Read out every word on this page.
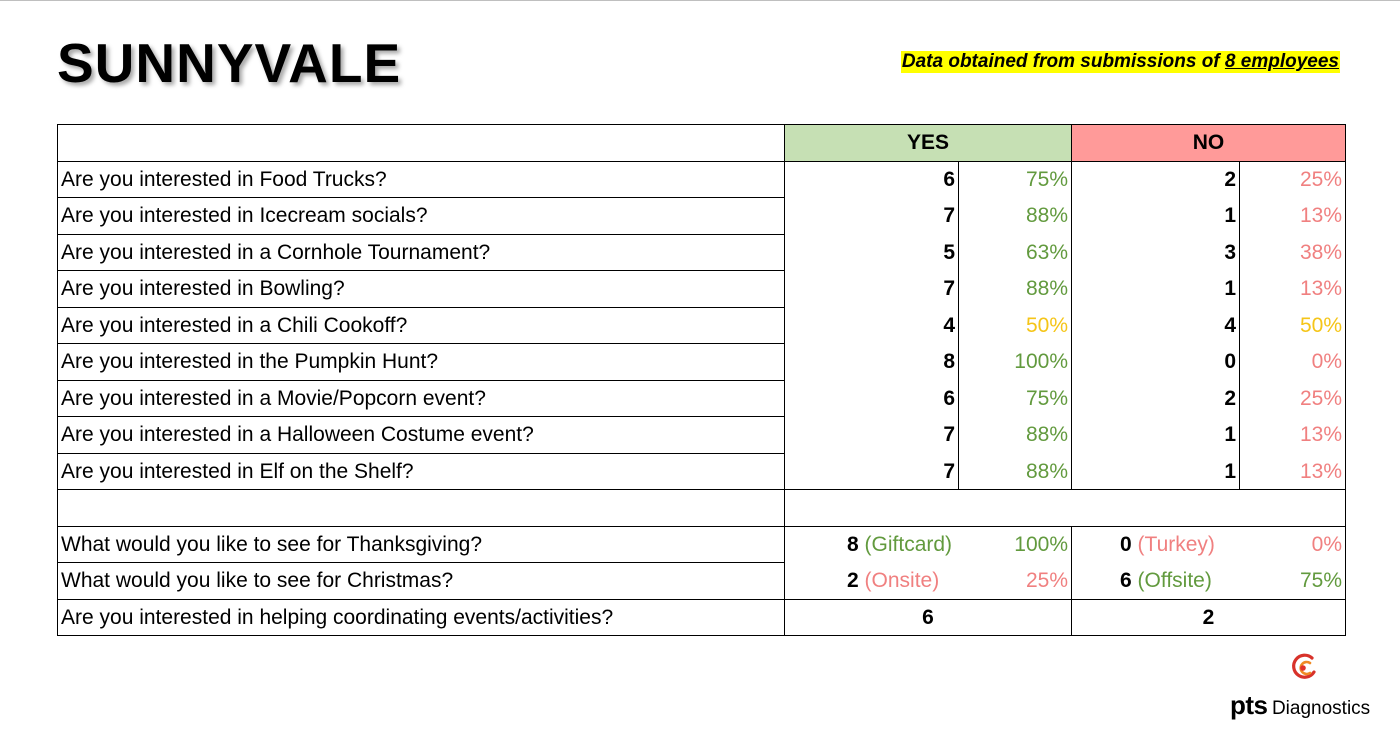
SUNNYVALE	Data obtained from submissions of 8 employees
	YES		NO	
Are you interested in Food Trucks?	6	75%	2	25%
Are you interested in Icecream socials?	7	88%	1	13%
Are you interested in a Cornhole Tournament?	5	63%	3	38%
Are you interested in Bowling?	7	88%	1	13%
Are you interested in a Chili Cookoff?	4	50%	4	50%
Are you interested in the Pumpkin Hunt?	8	100%	0	0%
Are you interested in a Movie/Popcorn event?	6	75%	2	25%
Are you interested in a Halloween Costume event?	7	88%	1	13%
Are you interested in Elf on the Shelf?	7	88%	1	13%

What would you like to see for Thanksgiving?	8 (Giftcard)	100%	0 (Turkey)	0%
What would you like to see for Christmas?	2 (Onsite)	25%	6 (Offsite)	75%
Are you interested in helping coordinating events/activities?	6		2	
pts Diagnostics
